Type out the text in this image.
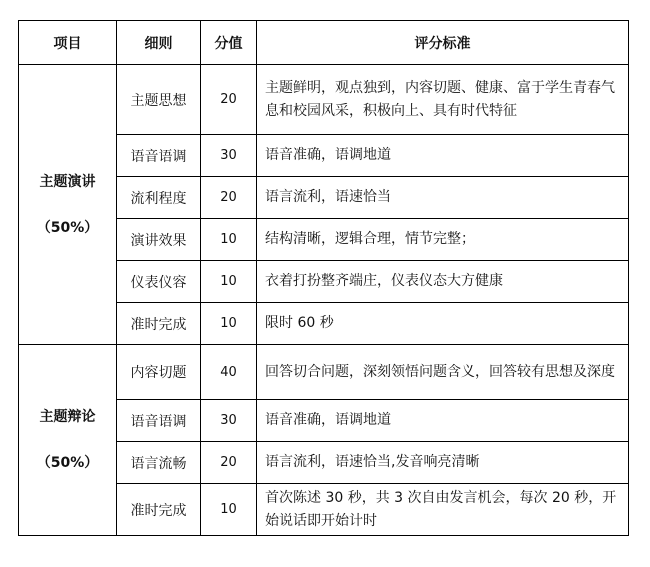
项目	细则	分值	评分标准

主题演讲
（50%）	主题思想	20	主题鲜明，观点独到，内容切题、健康、富于学生青春气息和校园风采，积极向上、具有时代特征
	语音语调	30	语音准确，语调地道
	流利程度	20	语言流利，语速恰当
	演讲效果	10	结构清晰，逻辑合理，情节完整；
	仪表仪容	10	衣着打扮整齐端庄，仪表仪态大方健康
	准时完成	10	限时 60 秒

主题辩论
（50%）	内容切题	40	回答切合问题，深刻领悟问题含义，回答较有思想及深度
	语音语调	30	语音准确，语调地道
	语言流畅	20	语言流利，语速恰当,发音响亮清晰
	准时完成	10	首次陈述 30 秒，共 3 次自由发言机会，每次 20 秒，开始说话即开始计时
